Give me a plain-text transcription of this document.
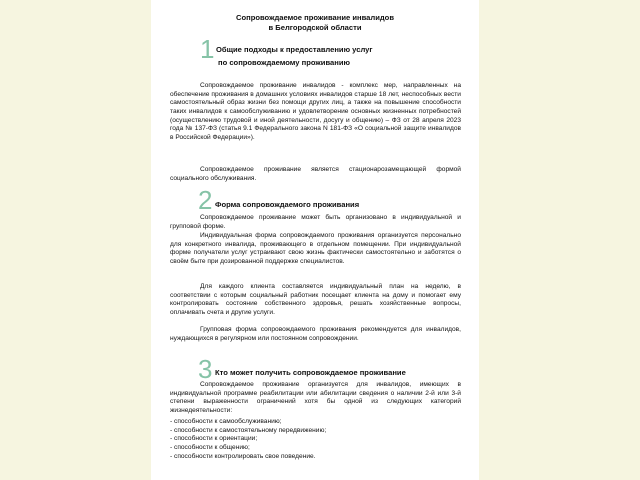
Сопровождаемое проживание инвалидов
в Белгородской области
1 Общие подходы к предоставлению услуг
по сопровождаемому проживанию
Сопровождаемое проживание инвалидов - комплекс мер, направленных на обеспечение проживания в домашних условиях инвалидов старше 18 лет, неспособных вести самостоятельный образ жизни без помощи других лиц, а также на повышение способности таких инвалидов к самообслуживанию и удовлетворение основных жизненных потребностей (осуществлению трудовой и иной деятельности, досугу и общению) – ФЗ от 28 апреля 2023 года № 137-ФЗ (статья 9.1 Федерального закона N 181-ФЗ «О социальной защите инвалидов в Российской Федерации»).
Сопровождаемое проживание является стационарозамещающей формой социального обслуживания.
2 Форма сопровождаемого проживания
Сопровождаемое проживание может быть организовано в индивидуальной и групповой форме.
Индивидуальная форма сопровождаемого проживания организуется персонально для конкретного инвалида, проживающего в отдельном помещении. При индивидуальной форме получатели услуг устраивают свою жизнь фактически самостоятельно и заботятся о своём быте при дозированной поддержке специалистов.
Для каждого клиента составляется индивидуальный план на неделю, в соответствии с которым социальный работник посещает клиента на дому и помогает ему контролировать состояние собственного здоровья, решать хозяйственные вопросы, оплачивать счета и другие услуги.
Групповая форма сопровождаемого проживания рекомендуется для инвалидов, нуждающихся в регулярном или постоянном сопровождении.
3 Кто может получить сопровождаемое проживание
Сопровождаемое проживание организуется для инвалидов, имеющих в индивидуальной программе реабилитации или абилитации сведения о наличии 2-й или 3-й степени выраженности ограничений хотя бы одной из следующих категорий жизнедеятельности:
- способности к самообслуживанию;
- способности к самостоятельному передвижению;
- способности к ориентации;
- способности к общению;
- способности контролировать свое поведение.
